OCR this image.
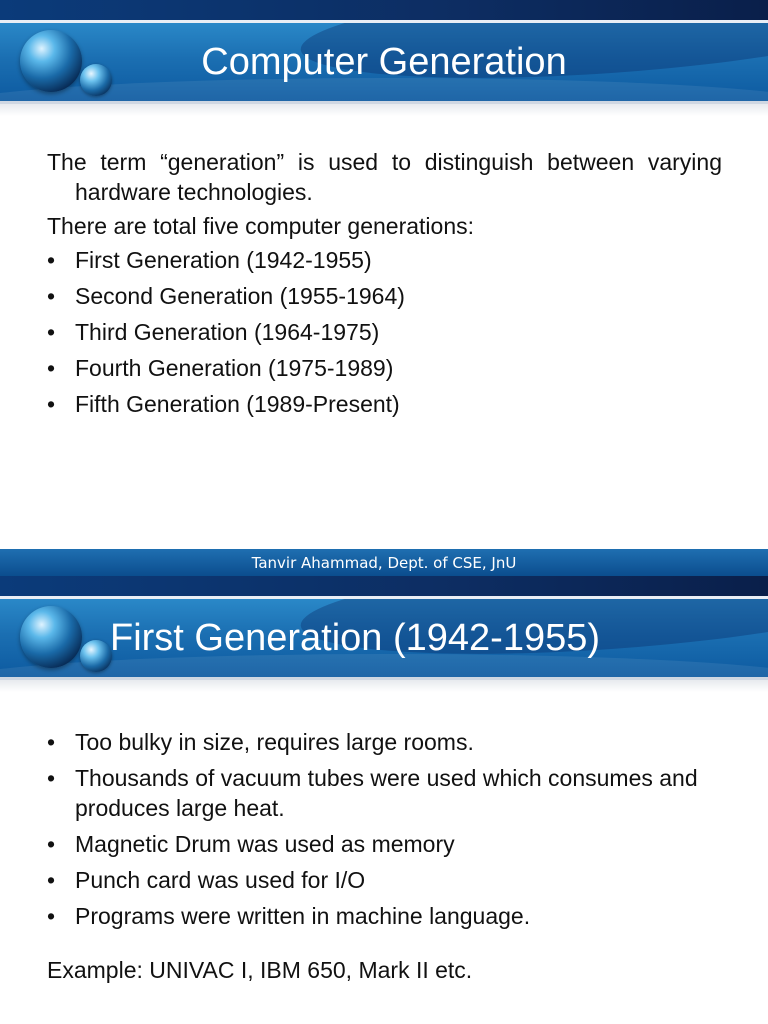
Computer Generation

The term “generation” is used to distinguish between varying hardware technologies.

There are total five computer generations:

• First Generation (1942-1955)
• Second Generation (1955-1964)
• Third Generation (1964-1975)
• Fourth Generation (1975-1989)
• Fifth Generation (1989-Present)
Tanvir Ahammad, Dept. of CSE, JnU
First Generation (1942-1955)
• Too bulky in size, requires large rooms.
• Thousands of vacuum tubes were used which consumes and produces large heat.
• Magnetic Drum was used as memory
• Punch card was used for I/O
• Programs were written in machine language.

Example: UNIVAC I, IBM 650, Mark II etc.
